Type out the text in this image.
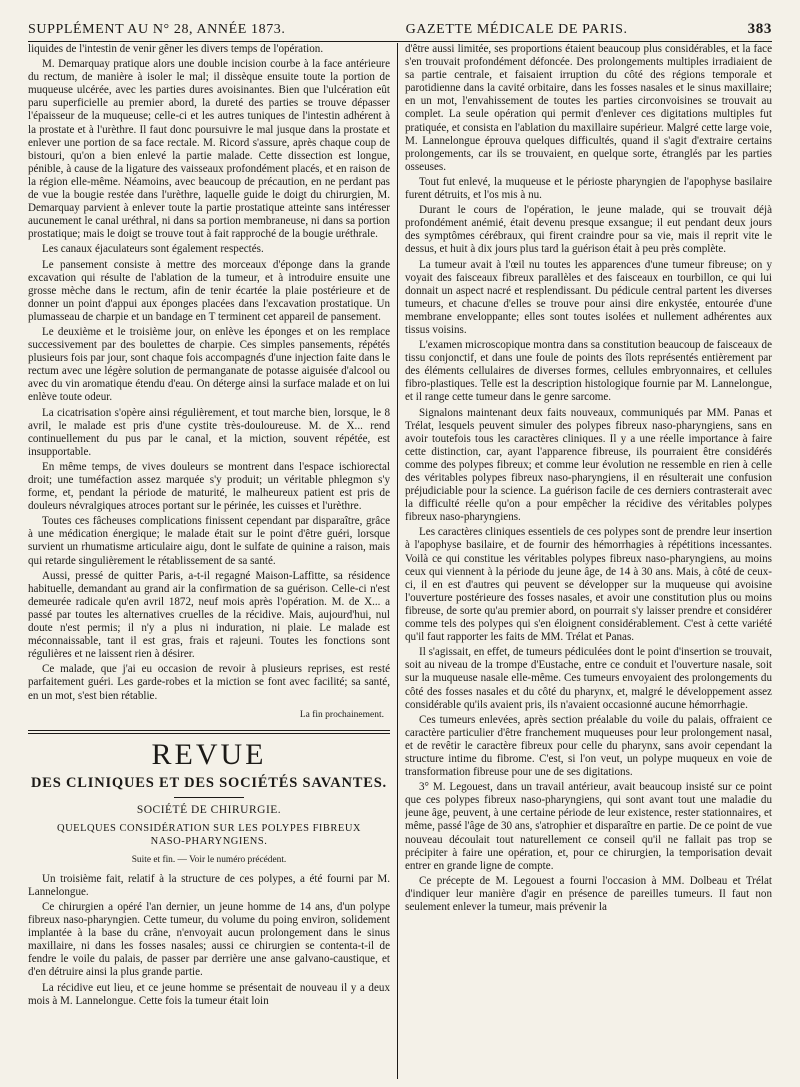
SUPPLÉMENT AU N° 28, ANNÉE 1873.	GAZETTE MÉDICALE DE PARIS.	383

liquides de l'intestin de venir gêner les divers temps de l'opération.

M. Demarquay pratique alors une double incision courbe à la face antérieure du rectum, de manière à isoler le mal; il dissèque ensuite toute la portion de muqueuse ulcérée, avec les parties dures avoisinantes. Bien que l'ulcération eût paru superficielle au premier abord, la dureté des parties se trouve dépasser l'épaisseur de la muqueuse; celle-ci et les autres tuniques de l'intestin adhérent à la prostate et à l'urèthre. Il faut donc poursuivre le mal jusque dans la prostate et enlever une portion de sa face rectale. M. Ricord s'assure, après chaque coup de bistouri, qu'on a bien enlevé la partie malade. Cette dissection est longue, pénible, à cause de la ligature des vaisseaux profondément placés, et en raison de la région elle-même. Néamoins, avec beaucoup de précaution, en ne perdant pas de vue la bougie restée dans l'urèthre, laquelle guide le doigt du chirurgien, M. Demarquay parvient à enlever toute la partie prostatique atteinte sans intéresser aucunement le canal uréthral, ni dans sa portion membraneuse, ni dans sa portion prostatique; mais le doigt se trouve tout à fait rapproché de la bougie uréthrale.

Les canaux éjaculateurs sont également respectés.

Le pansement consiste à mettre des morceaux d'éponge dans la grande excavation qui résulte de l'ablation de la tumeur, et à introduire ensuite une grosse mèche dans le rectum, afin de tenir écartée la plaie postérieure et de donner un point d'appui aux éponges placées dans l'excavation prostatique. Un plumasseau de charpie et un bandage en T terminent cet appareil de pansement.

Le deuxième et le troisième jour, on enlève les éponges et on les remplace successivement par des boulettes de charpie. Ces simples pansements, répétés plusieurs fois par jour, sont chaque fois accompagnés d'une injection faite dans le rectum avec une légère solution de permanganate de potasse aiguisée d'alcool ou avec du vin aromatique étendu d'eau. On déterge ainsi la surface malade et on lui enlève toute odeur.

La cicatrisation s'opère ainsi régulièrement, et tout marche bien, lorsque, le 8 avril, le malade est pris d'une cystite très-douloureuse. M. de X... rend continuellement du pus par le canal, et la miction, souvent répétée, est insupportable.

En même temps, de vives douleurs se montrent dans l'espace ischiorectal droit; une tuméfaction assez marquée s'y produit; un véritable phlegmon s'y forme, et, pendant la période de maturité, le malheureux patient est pris de douleurs névralgiques atroces portant sur le périnée, les cuisses et l'urèthre.

Toutes ces fâcheuses complications finissent cependant par disparaître, grâce à une médication énergique; le malade était sur le point d'être guéri, lorsque survient un rhumatisme articulaire aigu, dont le sulfate de quinine a raison, mais qui retarde singulièrement le rétablissement de sa santé.

Aussi, pressé de quitter Paris, a-t-il regagné Maison-Laffitte, sa résidence habituelle, demandant au grand air la confirmation de sa guérison. Celle-ci n'est demeurée radicale qu'en avril 1872, neuf mois après l'opération. M. de X... a passé par toutes les alternatives cruelles de la récidive. Mais, aujourd'hui, nul doute n'est permis; il n'y a plus ni induration, ni plaie. Le malade est méconnaissable, tant il est gras, frais et rajeuni. Toutes les fonctions sont régulières et ne laissent rien à désirer.

Ce malade, que j'ai eu occasion de revoir à plusieurs reprises, est resté parfaitement guéri. Les garde-robes et la miction se font avec facilité; sa santé, en un mot, s'est bien rétablie.

La fin prochainement.
REVUE
DES CLINIQUES ET DES SOCIÉTÉS SAVANTES.
SOCIÉTÉ DE CHIRURGIE.
QUELQUES CONSIDÉRATION SUR LES POLYPES FIBREUX
NASO-PHARYNGIENS.
Suite et fin. — Voir le numéro précédent.

Un troisième fait, relatif à la structure de ces polypes, a été fourni par M. Lannelongue.

Ce chirurgien a opéré l'an dernier, un jeune homme de 14 ans, d'un polype fibreux naso-pharyngien. Cette tumeur, du volume du poing environ, solidement implantée à la base du crâne, n'envoyait aucun prolongement dans le sinus maxillaire, ni dans les fosses nasales; aussi ce chirurgien se contenta-t-il de fendre le voile du palais, de passer par derrière une anse galvano-caustique, et d'en détruire ainsi la plus grande partie.

La récidive eut lieu, et ce jeune homme se présentait de nouveau il y a deux mois à M. Lannelongue. Cette fois la tumeur était loin

d'être aussi limitée, ses proportions étaient beaucoup plus considérables, et la face s'en trouvait profondément défoncée. Des prolongements multiples irradiaient de sa partie centrale, et faisaient irruption du côté des régions temporale et parotidienne dans la cavité orbitaire, dans les fosses nasales et le sinus maxillaire; en un mot, l'envahissement de toutes les parties circonvoisines se trouvait au complet. La seule opération qui permit d'enlever ces digitations multiples fut pratiquée, et consista en l'ablation du maxillaire supérieur. Malgré cette large voie, M. Lannelongue éprouva quelques difficultés, quand il s'agit d'extraire certains prolongements, car ils se trouvaient, en quelque sorte, étranglés par les parties osseuses.

Tout fut enlevé, la muqueuse et le périoste pharyngien de l'apophyse basilaire furent détruits, et l'os mis à nu.

Durant le cours de l'opération, le jeune malade, qui se trouvait déjà profondément anémié, était devenu presque exsangue; il eut pendant deux jours des symptômes cérébraux, qui firent craindre pour sa vie, mais il reprit vite le dessus, et huit à dix jours plus tard la guérison était à peu près complète.

La tumeur avait à l'œil nu toutes les apparences d'une tumeur fibreuse; on y voyait des faisceaux fibreux parallèles et des faisceaux en tourbillon, ce qui lui donnait un aspect nacré et resplendissant. Du pédicule central partent les diverses tumeurs, et chacune d'elles se trouve pour ainsi dire enkystée, entourée d'une membrane enveloppante; elles sont toutes isolées et nullement adhérentes aux tissus voisins.

L'examen microscopique montra dans sa constitution beaucoup de faisceaux de tissu conjonctif, et dans une foule de points des îlots représentés entièrement par des éléments cellulaires de diverses formes, cellules embryonnaires, et cellules fibro-plastiques. Telle est la description histologique fournie par M. Lannelongue, et il range cette tumeur dans le genre sarcome.

Signalons maintenant deux faits nouveaux, communiqués par MM. Panas et Trélat, lesquels peuvent simuler des polypes fibreux naso-pharyngiens, sans en avoir toutefois tous les caractères cliniques. Il y a une réelle importance à faire cette distinction, car, ayant l'apparence fibreuse, ils pourraient être considérés comme des polypes fibreux; et comme leur évolution ne ressemble en rien à celle des véritables polypes fibreux naso-pharyngiens, il en résulterait une confusion préjudiciable pour la science. La guérison facile de ces derniers contrasterait avec la difficulté réelle qu'on a pour empêcher la récidive des véritables polypes fibreux naso-pharyngiens.

Les caractères cliniques essentiels de ces polypes sont de prendre leur insertion à l'apophyse basilaire, et de fournir des hémorrhagies à répétitions incessantes. Voilà ce qui constitue les véritables polypes fibreux naso-pharyngiens, au moins ceux qui viennent à la période du jeune âge, de 14 à 30 ans. Mais, à côté de ceux-ci, il en est d'autres qui peuvent se développer sur la muqueuse qui avoisine l'ouverture postérieure des fosses nasales, et avoir une constitution plus ou moins fibreuse, de sorte qu'au premier abord, on pourrait s'y laisser prendre et considérer comme tels des polypes qui s'en éloignent considérablement. C'est à cette variété qu'il faut rapporter les faits de MM. Trélat et Panas.

Il s'agissait, en effet, de tumeurs pédiculées dont le point d'insertion se trouvait, soit au niveau de la trompe d'Eustache, entre ce conduit et l'ouverture nasale, soit sur la muqueuse nasale elle-même. Ces tumeurs envoyaient des prolongements du côté des fosses nasales et du côté du pharynx, et, malgré le développement assez considérable qu'ils avaient pris, ils n'avaient occasionné aucune hémorrhagie.

Ces tumeurs enlevées, après section préalable du voile du palais, offraient ce caractère particulier d'être franchement muqueuses pour leur prolongement nasal, et de revêtir le caractère fibreux pour celle du pharynx, sans avoir cependant la structure intime du fibrome. C'est, si l'on veut, un polype muqueux en voie de transformation fibreuse pour une de ses digitations.

3° M. Legouest, dans un travail antérieur, avait beaucoup insisté sur ce point que ces polypes fibreux naso-pharyngiens, qui sont avant tout une maladie du jeune âge, peuvent, à une certaine période de leur existence, rester stationnaires, et même, passé l'âge de 30 ans, s'atrophier et disparaître en partie. De ce point de vue nouveau découlait tout naturellement ce conseil qu'il ne fallait pas trop se précipiter à faire une opération, et, pour ce chirurgien, la temporisation devait entrer en grande ligne de compte.

Ce précepte de M. Legouest a fourni l'occasion à MM. Dolbeau et Trélat d'indiquer leur manière d'agir en présence de pareilles tumeurs. Il faut non seulement enlever la tumeur, mais prévenir la
